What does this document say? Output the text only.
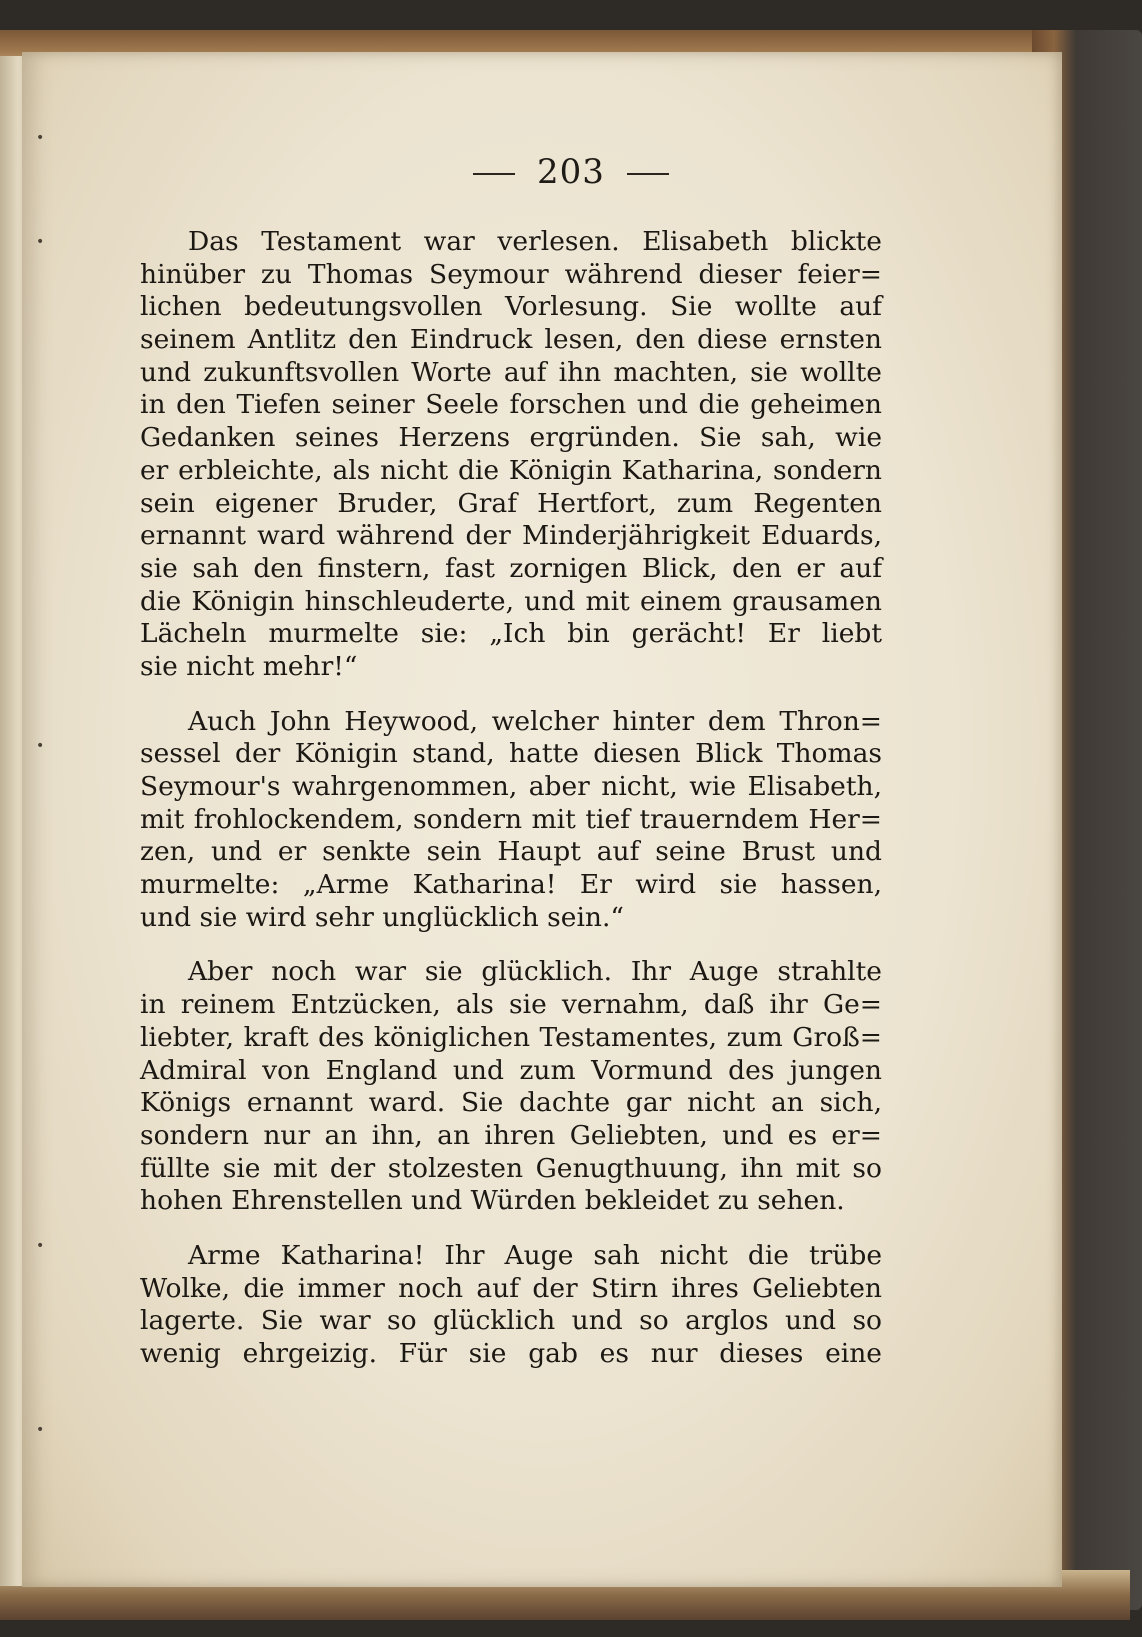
•
•
•
•
•
203
Das Testament war verlesen. Elisabeth blickte
hinüber zu Thomas Seymour während dieser feier=
lichen bedeutungsvollen Vorlesung. Sie wollte auf
seinem Antlitz den Eindruck lesen, den diese ernsten
und zukunftsvollen Worte auf ihn machten, sie wollte
in den Tiefen seiner Seele forschen und die geheimen
Gedanken seines Herzens ergründen. Sie sah, wie
er erbleichte, als nicht die Königin Katharina, sondern
sein eigener Bruder, Graf Hertfort, zum Regenten
ernannt ward während der Minderjährigkeit Eduards,
sie sah den finstern, fast zornigen Blick, den er auf
die Königin hinschleuderte, und mit einem grausamen
Lächeln murmelte sie: „Ich bin gerächt! Er liebt
sie nicht mehr!“
Auch John Heywood, welcher hinter dem Thron=
sessel der Königin stand, hatte diesen Blick Thomas
Seymour's wahrgenommen, aber nicht, wie Elisabeth,
mit frohlockendem, sondern mit tief trauerndem Her=
zen, und er senkte sein Haupt auf seine Brust und
murmelte: „Arme Katharina! Er wird sie hassen,
und sie wird sehr unglücklich sein.“
Aber noch war sie glücklich. Ihr Auge strahlte
in reinem Entzücken, als sie vernahm, daß ihr Ge=
liebter, kraft des königlichen Testamentes, zum Groß=
Admiral von England und zum Vormund des jungen
Königs ernannt ward. Sie dachte gar nicht an sich,
sondern nur an ihn, an ihren Geliebten, und es er=
füllte sie mit der stolzesten Genugthuung, ihn mit so
hohen Ehrenstellen und Würden bekleidet zu sehen.
Arme Katharina! Ihr Auge sah nicht die trübe
Wolke, die immer noch auf der Stirn ihres Geliebten
lagerte. Sie war so glücklich und so arglos und so
wenig ehrgeizig. Für sie gab es nur dieses eine
